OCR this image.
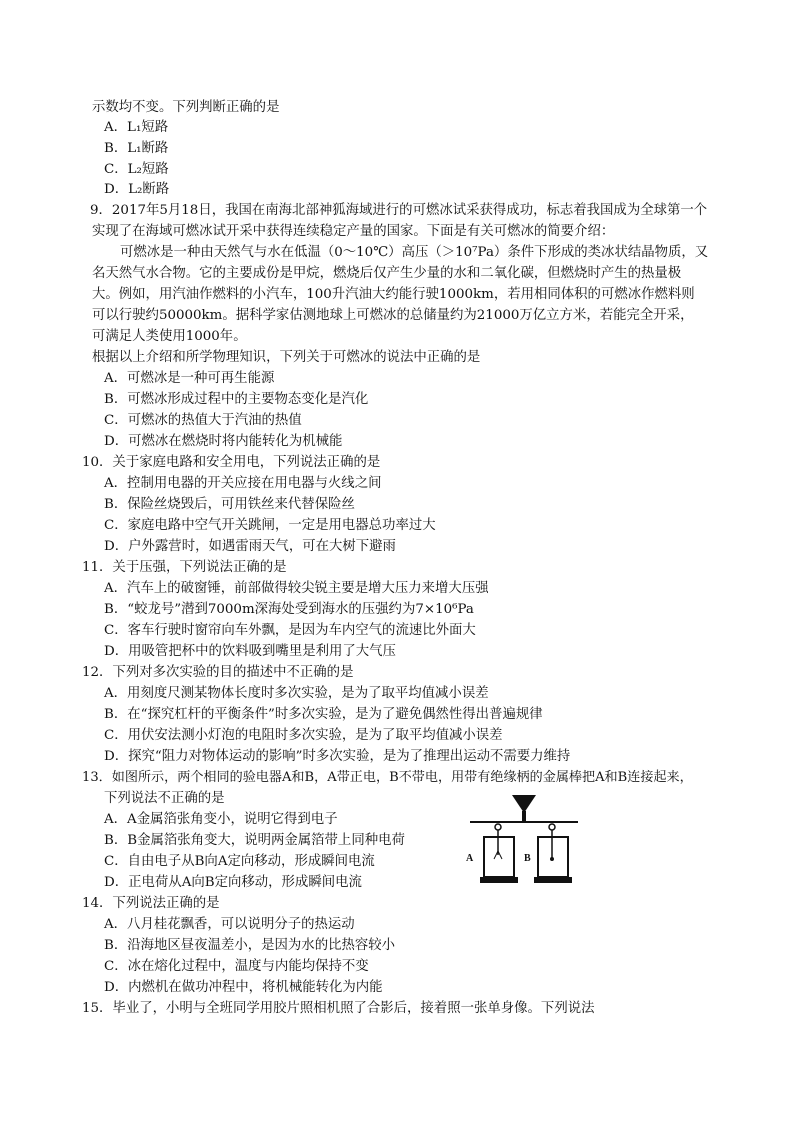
示数均不变。下列判断正确的是
A．L₁短路
B．L₁断路
C．L₂短路
D．L₂断路
9．2017年5月18日，我国在南海北部神狐海域进行的可燃冰试采获得成功，标志着我国成为全球第一个
实现了在海域可燃冰试开采中获得连续稳定产量的国家。下面是有关可燃冰的简要介绍：
可燃冰是一种由天然气与水在低温（0～10℃）高压（＞10⁷Pa）条件下形成的类冰状结晶物质，又
名天然气水合物。它的主要成份是甲烷，燃烧后仅产生少量的水和二氧化碳，但燃烧时产生的热量极
大。例如，用汽油作燃料的小汽车，100升汽油大约能行驶1000km，若用相同体积的可燃冰作燃料则
可以行驶约50000km。据科学家估测地球上可燃冰的总储量约为21000万亿立方米，若能完全开采，
可满足人类使用1000年。
根据以上介绍和所学物理知识，下列关于可燃冰的说法中正确的是
A．可燃冰是一种可再生能源
B．可燃冰形成过程中的主要物态变化是汽化
C．可燃冰的热值大于汽油的热值
D．可燃冰在燃烧时将内能转化为机械能
10．关于家庭电路和安全用电，下列说法正确的是
A．控制用电器的开关应接在用电器与火线之间
B．保险丝烧毁后，可用铁丝来代替保险丝
C．家庭电路中空气开关跳闸，一定是用电器总功率过大
D．户外露营时，如遇雷雨天气，可在大树下避雨
11．关于压强，下列说法正确的是
A．汽车上的破窗锤，前部做得较尖锐主要是增大压力来增大压强
B．“蛟龙号”潜到7000m深海处受到海水的压强约为7×10⁶Pa
C．客车行驶时窗帘向车外飘，是因为车内空气的流速比外面大
D．用吸管把杯中的饮料吸到嘴里是利用了大气压
12．下列对多次实验的目的描述中不正确的是
A．用刻度尺测某物体长度时多次实验，是为了取平均值减小误差
B．在“探究杠杆的平衡条件”时多次实验，是为了避免偶然性得出普遍规律
C．用伏安法测小灯泡的电阻时多次实验，是为了取平均值减小误差
D．探究“阻力对物体运动的影响”时多次实验，是为了推理出运动不需要力维持
13．如图所示，两个相同的验电器A和B，A带正电，B不带电，用带有绝缘柄的金属棒把A和B连接起来，
下列说法不正确的是
A．A金属箔张角变小，说明它得到电子
B．B金属箔张角变大，说明两金属箔带上同种电荷
C．自由电子从B向A定向移动，形成瞬间电流
D．正电荷从A向B定向移动，形成瞬间电流
A	B
14．下列说法正确的是
A．八月桂花飘香，可以说明分子的热运动
B．沿海地区昼夜温差小，是因为水的比热容较小
C．冰在熔化过程中，温度与内能均保持不变
D．内燃机在做功冲程中，将机械能转化为内能
15．毕业了，小明与全班同学用胶片照相机照了合影后，接着照一张单身像。下列说法
